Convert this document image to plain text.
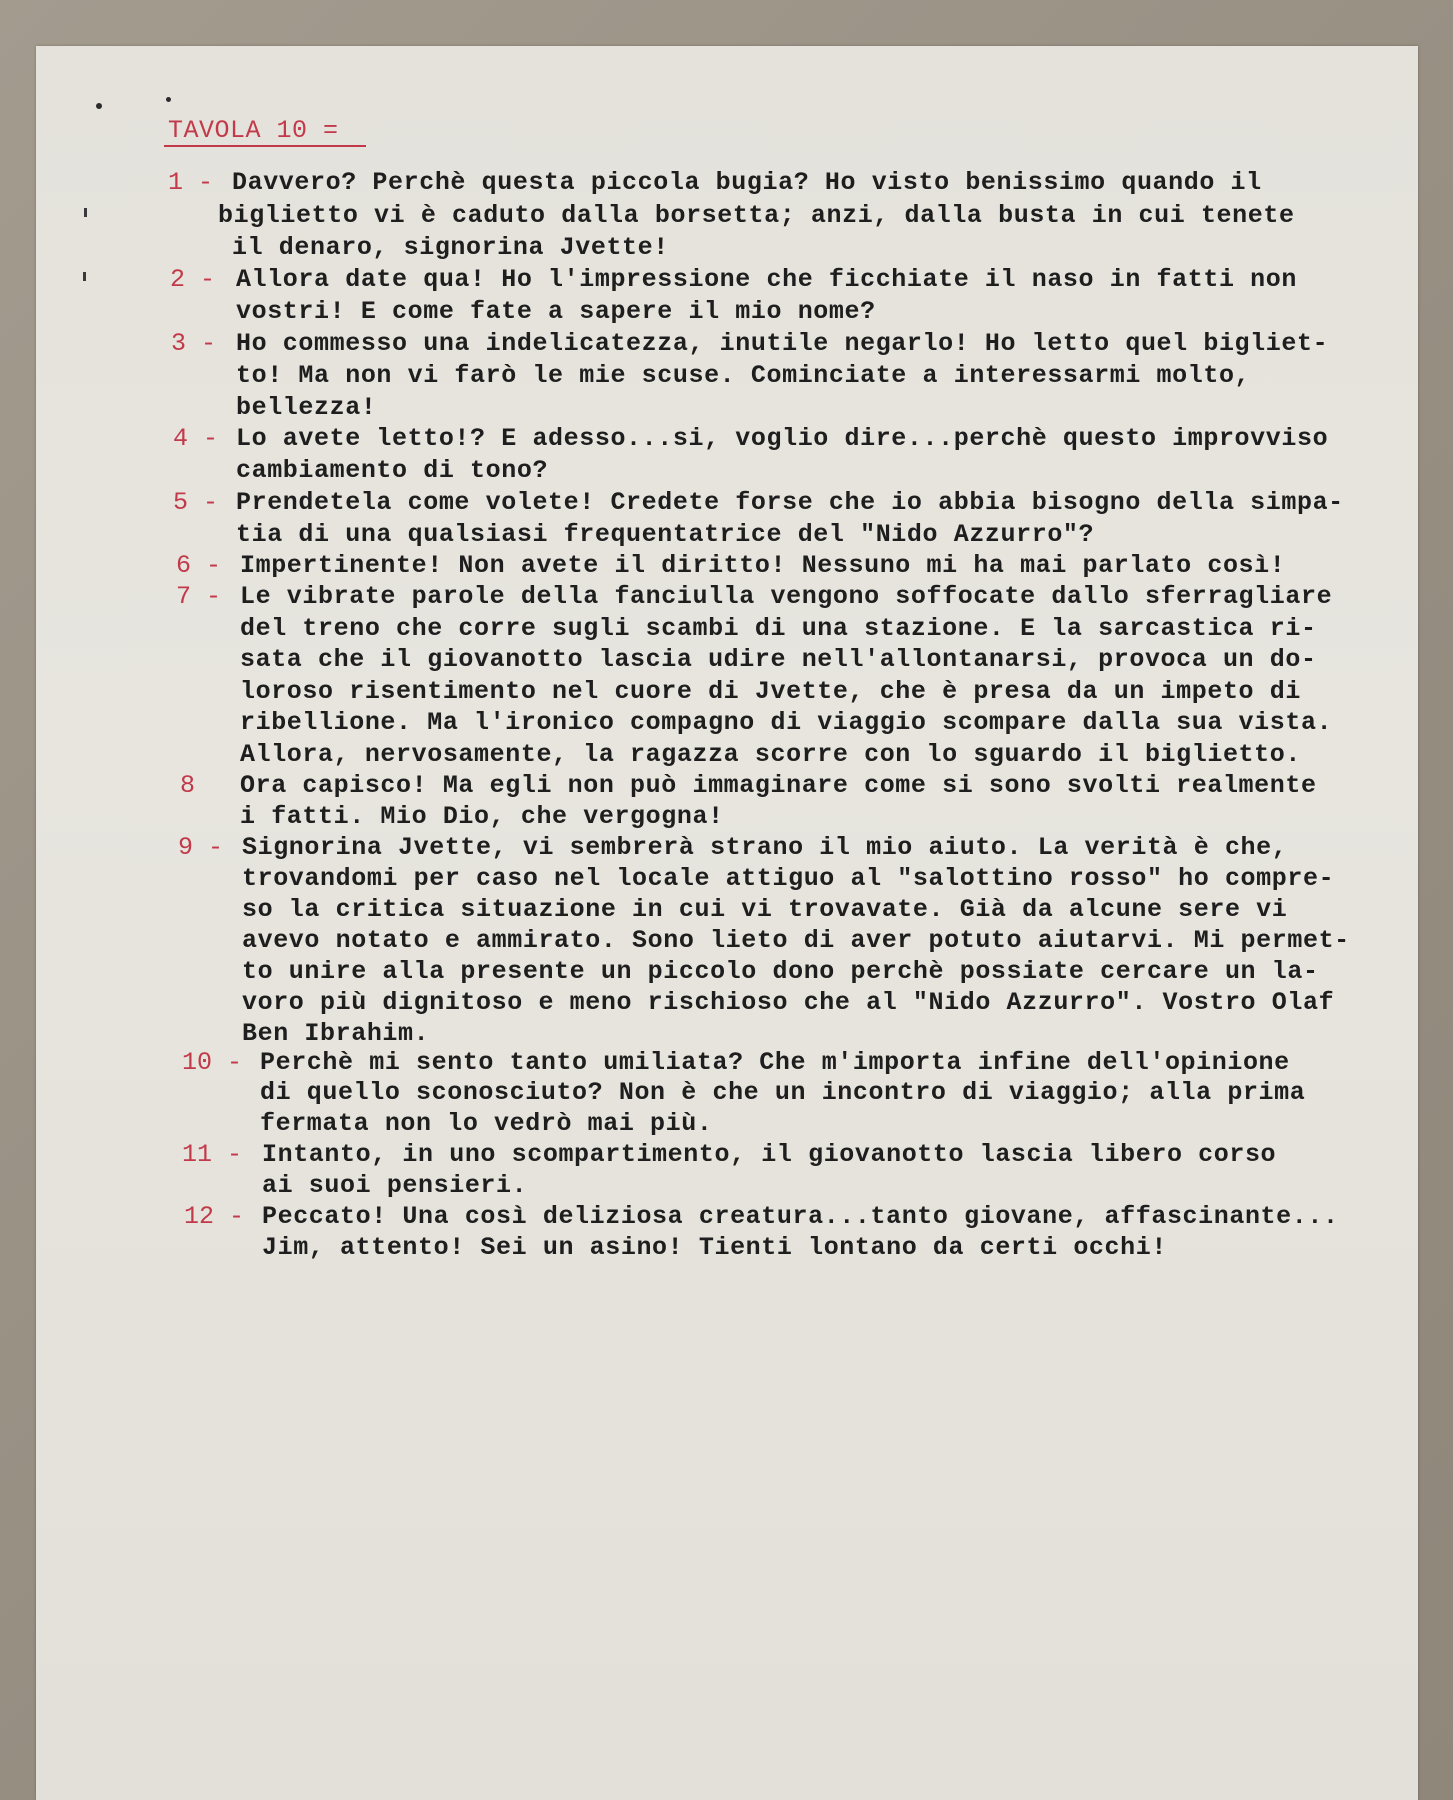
TAVOLA 10 =
1 - Davvero? Perchè questa piccola bugia? Ho visto benissimo quando il
biglietto vi è caduto dalla borsetta; anzi, dalla busta in cui tenete
il denaro, signorina Jvette!
2 - Allora date qua! Ho l'impressione che ficchiate il naso in fatti non
vostri! E come fate a sapere il mio nome?
3 - Ho commesso una indelicatezza, inutile negarlo! Ho letto quel bigliet-
to! Ma non vi farò le mie scuse. Cominciate a interessarmi molto,
bellezza!
4 - Lo avete letto!? E adesso...si, voglio dire...perchè questo improvviso
cambiamento di tono?
5 - Prendetela come volete! Credete forse che io abbia bisogno della simpa-
tia di una qualsiasi frequentatrice del "Nido Azzurro"?
6 - Impertinente! Non avete il diritto! Nessuno mi ha mai parlato così!
7 - Le vibrate parole della fanciulla vengono soffocate dallo sferragliare
del treno che corre sugli scambi di una stazione. E la sarcastica ri-
sata che il giovanotto lascia udire nell'allontanarsi, provoca un do-
loroso risentimento nel cuore di Jvette, che è presa da un impeto di
ribellione. Ma l'ironico compagno di viaggio scompare dalla sua vista.
Allora, nervosamente, la ragazza scorre con lo sguardo il biglietto.
8 Ora capisco! Ma egli non può immaginare come si sono svolti realmente
i fatti. Mio Dio, che vergogna!
9 - Signorina Jvette, vi sembrerà strano il mio aiuto. La verità è che,
trovandomi per caso nel locale attiguo al "salottino rosso" ho compre-
so la critica situazione in cui vi trovavate. Già da alcune sere vi
avevo notato e ammirato. Sono lieto di aver potuto aiutarvi. Mi permet-
to unire alla presente un piccolo dono perchè possiate cercare un la-
voro più dignitoso e meno rischioso che al "Nido Azzurro". Vostro Olaf
Ben Ibrahim.
10 - Perchè mi sento tanto umiliata? Che m'importa infine dell'opinione
di quello sconosciuto? Non è che un incontro di viaggio; alla prima
fermata non lo vedrò mai più.
11 - Intanto, in uno scompartimento, il giovanotto lascia libero corso
ai suoi pensieri.
12 - Peccato! Una così deliziosa creatura...tanto giovane, affascinante...
Jim, attento! Sei un asino! Tienti lontano da certi occhi!
